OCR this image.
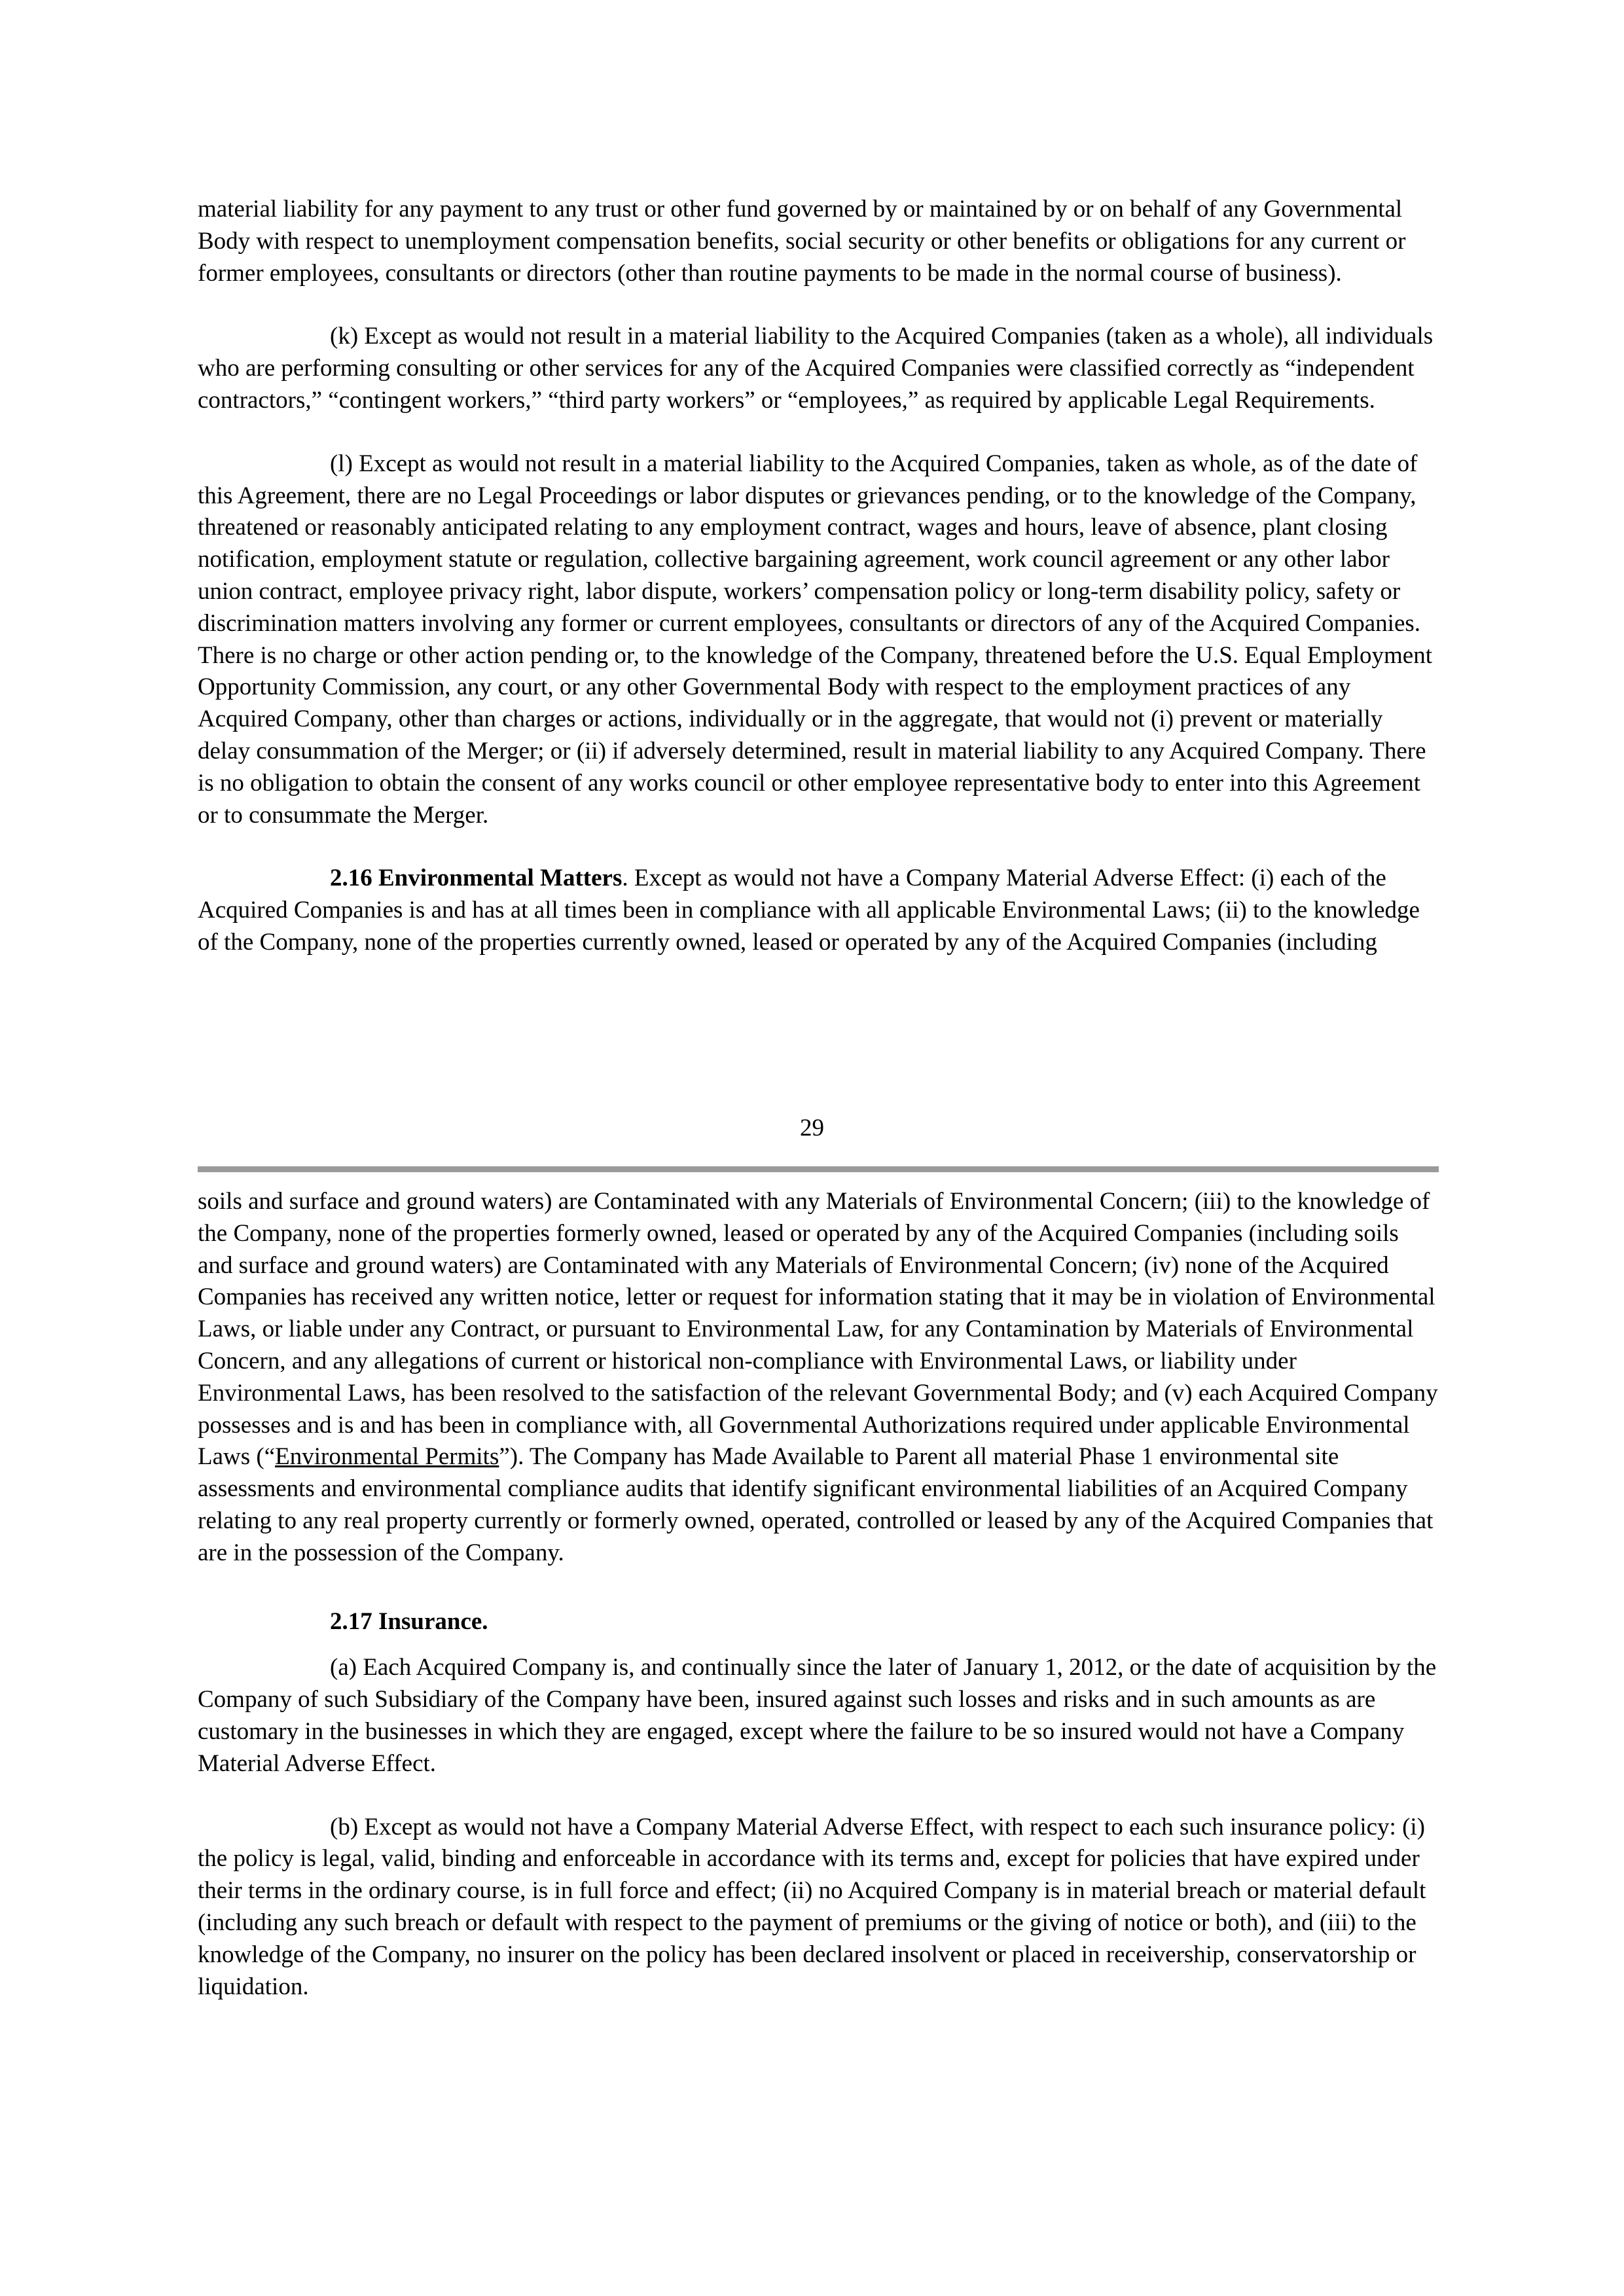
material liability for any payment to any trust or other fund governed by or maintained by or on behalf of any Governmental Body with respect to unemployment compensation benefits, social security or other benefits or obligations for any current or former employees, consultants or directors (other than routine payments to be made in the normal course of business).

(k) Except as would not result in a material liability to the Acquired Companies (taken as a whole), all individuals who are performing consulting or other services for any of the Acquired Companies were classified correctly as “independent contractors,” “contingent workers,” “third party workers” or “employees,” as required by applicable Legal Requirements.

(l) Except as would not result in a material liability to the Acquired Companies, taken as whole, as of the date of this Agreement, there are no Legal Proceedings or labor disputes or grievances pending, or to the knowledge of the Company, threatened or reasonably anticipated relating to any employment contract, wages and hours, leave of absence, plant closing notification, employment statute or regulation, collective bargaining agreement, work council agreement or any other labor union contract, employee privacy right, labor dispute, workers’ compensation policy or long-term disability policy, safety or discrimination matters involving any former or current employees, consultants or directors of any of the Acquired Companies. There is no charge or other action pending or, to the knowledge of the Company, threatened before the U.S. Equal Employment Opportunity Commission, any court, or any other Governmental Body with respect to the employment practices of any Acquired Company, other than charges or actions, individually or in the aggregate, that would not (i) prevent or materially delay consummation of the Merger; or (ii) if adversely determined, result in material liability to any Acquired Company. There is no obligation to obtain the consent of any works council or other employee representative body to enter into this Agreement or to consummate the Merger.

2.16 Environmental Matters. Except as would not have a Company Material Adverse Effect: (i) each of the Acquired Companies is and has at all times been in compliance with all applicable Environmental Laws; (ii) to the knowledge of the Company, none of the properties currently owned, leased or operated by any of the Acquired Companies (including

29

soils and surface and ground waters) are Contaminated with any Materials of Environmental Concern; (iii) to the knowledge of the Company, none of the properties formerly owned, leased or operated by any of the Acquired Companies (including soils and surface and ground waters) are Contaminated with any Materials of Environmental Concern; (iv) none of the Acquired Companies has received any written notice, letter or request for information stating that it may be in violation of Environmental Laws, or liable under any Contract, or pursuant to Environmental Law, for any Contamination by Materials of Environmental Concern, and any allegations of current or historical non-compliance with Environmental Laws, or liability under Environmental Laws, has been resolved to the satisfaction of the relevant Governmental Body; and (v) each Acquired Company possesses and is and has been in compliance with, all Governmental Authorizations required under applicable Environmental Laws (“Environmental Permits”). The Company has Made Available to Parent all material Phase 1 environmental site assessments and environmental compliance audits that identify significant environmental liabilities of an Acquired Company relating to any real property currently or formerly owned, operated, controlled or leased by any of the Acquired Companies that are in the possession of the Company.

2.17 Insurance.

(a) Each Acquired Company is, and continually since the later of January 1, 2012, or the date of acquisition by the Company of such Subsidiary of the Company have been, insured against such losses and risks and in such amounts as are customary in the businesses in which they are engaged, except where the failure to be so insured would not have a Company Material Adverse Effect.

(b) Except as would not have a Company Material Adverse Effect, with respect to each such insurance policy: (i) the policy is legal, valid, binding and enforceable in accordance with its terms and, except for policies that have expired under their terms in the ordinary course, is in full force and effect; (ii) no Acquired Company is in material breach or material default (including any such breach or default with respect to the payment of premiums or the giving of notice or both), and (iii) to the knowledge of the Company, no insurer on the policy has been declared insolvent or placed in receivership, conservatorship or liquidation.
